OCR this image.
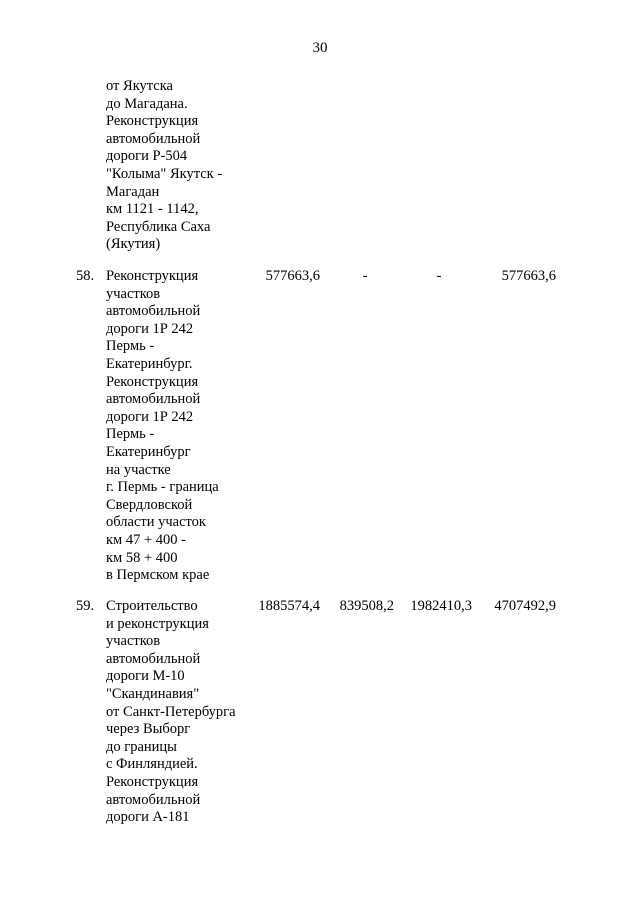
30
от Якутска
до Магадана.
Реконструкция
автомобильной
дороги Р-504
"Колыма" Якутск -
Магадан
км 1121 - 1142,
Республика Саха
(Якутия)
58. Реконструкция
участков
автомобильной
дороги 1Р 242
Пермь -
Екатеринбург.
Реконструкция
автомобильной
дороги 1Р 242
Пермь -
Екатеринбург
на участке
г. Пермь - граница
Свердловской
области участок
км 47 + 400 -
км 58 + 400
в Пермском крае
577663,6	-	-	577663,6
59. Строительство
и реконструкция
участков
автомобильной
дороги М-10
"Скандинавия"
от Санкт-Петербурга
через Выборг
до границы
с Финляндией.
Реконструкция
автомобильной
дороги А-181
1885574,4	839508,2	1982410,3	4707492,9
